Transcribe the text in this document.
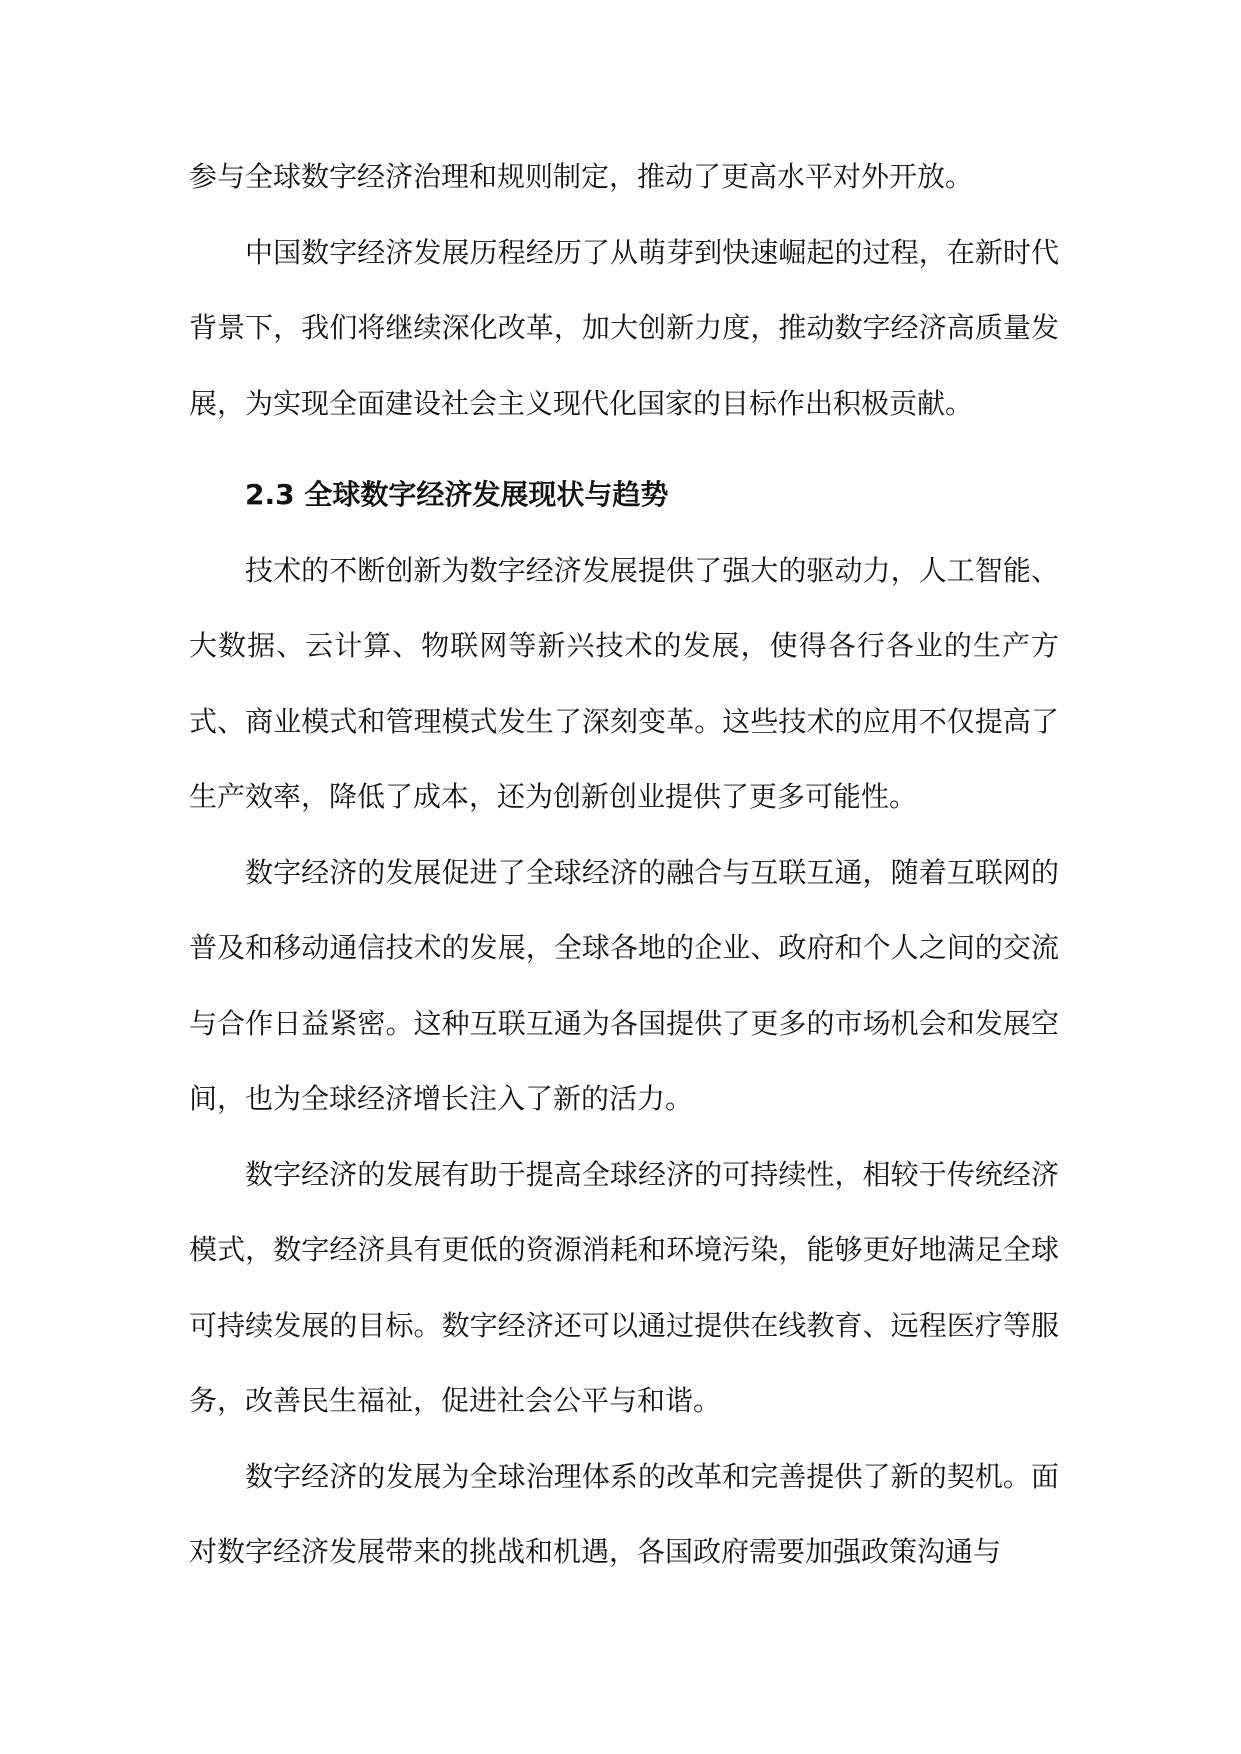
参与全球数字经济治理和规则制定，推动了更高水平对外开放。

中国数字经济发展历程经历了从萌芽到快速崛起的过程，在新时代背景下，我们将继续深化改革，加大创新力度，推动数字经济高质量发展，为实现全面建设社会主义现代化国家的目标作出积极贡献。

2.3 全球数字经济发展现状与趋势

技术的不断创新为数字经济发展提供了强大的驱动力，人工智能、大数据、云计算、物联网等新兴技术的发展，使得各行各业的生产方式、商业模式和管理模式发生了深刻变革。这些技术的应用不仅提高了生产效率，降低了成本，还为创新创业提供了更多可能性。

数字经济的发展促进了全球经济的融合与互联互通，随着互联网的普及和移动通信技术的发展，全球各地的企业、政府和个人之间的交流与合作日益紧密。这种互联互通为各国提供了更多的市场机会和发展空间，也为全球经济增长注入了新的活力。

数字经济的发展有助于提高全球经济的可持续性，相较于传统经济模式，数字经济具有更低的资源消耗和环境污染，能够更好地满足全球可持续发展的目标。数字经济还可以通过提供在线教育、远程医疗等服务，改善民生福祉，促进社会公平与和谐。

数字经济的发展为全球治理体系的改革和完善提供了新的契机。面对数字经济发展带来的挑战和机遇，各国政府需要加强政策沟通与
